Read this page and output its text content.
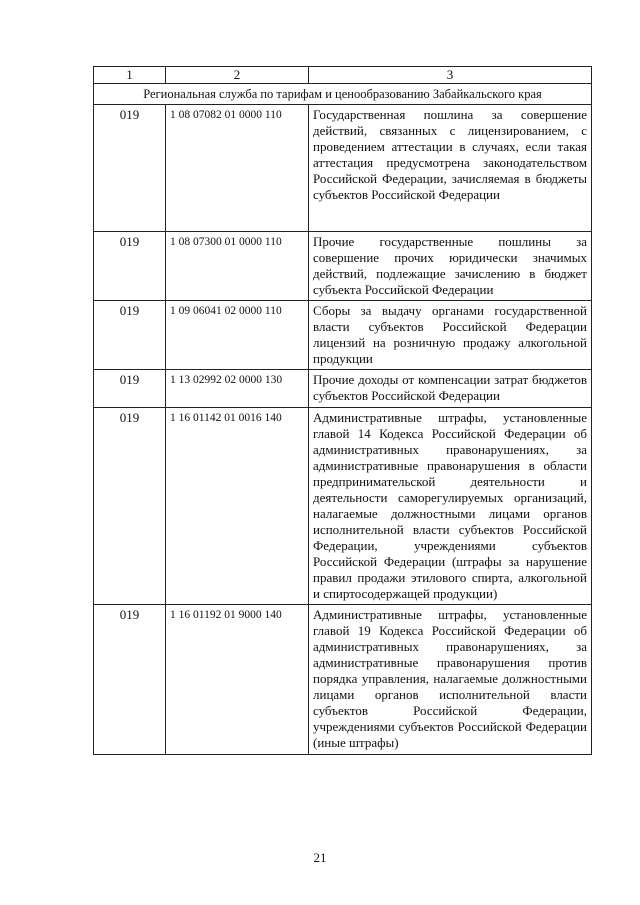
1	2	3
Региональная служба по тарифам и ценообразованию Забайкальского края		
019	1 08 07082 01 0000 110	Государственная пошлина за совершение действий, связанных с лицензированием, с проведением аттестации в случаях, если такая аттестация предусмотрена законодательством Российской Федерации, зачисляемая в бюджеты субъектов Российской Федерации
019	1 08 07300 01 0000 110	Прочие государственные пошлины за совершение прочих юридически значимых действий, подлежащие зачислению в бюджет субъекта Российской Федерации
019	1 09 06041 02 0000 110	Сборы за выдачу органами государственной власти субъектов Российской Федерации лицензий на розничную продажу алкогольной продукции
019	1 13 02992 02 0000 130	Прочие доходы от компенсации затрат бюджетов субъектов Российской Федерации
019	1 16 01142 01 0016 140	Административные штрафы, установленные главой 14 Кодекса Российской Федерации об административных правонарушениях, за административные правонарушения в области предпринимательской деятельности и деятельности саморегулируемых организаций, налагаемые должностными лицами органов исполнительной власти субъектов Российской Федерации, учреждениями субъектов Российской Федерации (штрафы за нарушение правил продажи этилового спирта, алкогольной и спиртосодержащей продукции)
019	1 16 01192 01 9000 140	Административные штрафы, установленные главой 19 Кодекса Российской Федерации об административных правонарушениях, за административные правонарушения против порядка управления, налагаемые должностными лицами органов исполнительной власти субъектов Российской Федерации, учреждениями субъектов Российской Федерации (иные штрафы)
21
